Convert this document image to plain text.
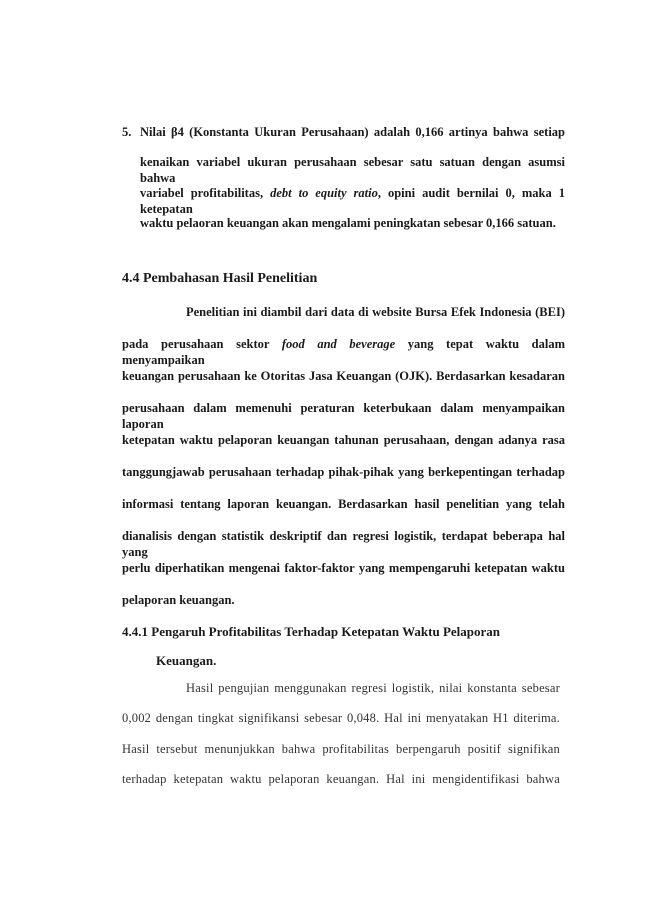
5. Nilai β4 (Konstanta Ukuran Perusahaan) adalah 0,166 artinya bahwa setiap
kenaikan variabel ukuran perusahaan sebesar satu satuan dengan asumsi bahwa
variabel profitabilitas, debt to equity ratio, opini audit bernilai 0, maka 1 ketepatan
waktu pelaoran keuangan akan mengalami peningkatan sebesar 0,166 satuan.
4.4 Pembahasan Hasil Penelitian
Penelitian ini diambil dari data di website Bursa Efek Indonesia (BEI)
pada perusahaan sektor food and beverage yang tepat waktu dalam menyampaikan
keuangan perusahaan ke Otoritas Jasa Keuangan (OJK). Berdasarkan kesadaran
perusahaan dalam memenuhi peraturan keterbukaan dalam menyampaikan laporan
ketepatan waktu pelaporan keuangan tahunan perusahaan, dengan adanya rasa
tanggungjawab perusahaan terhadap pihak-pihak yang berkepentingan terhadap
informasi tentang laporan keuangan. Berdasarkan hasil penelitian yang telah
dianalisis dengan statistik deskriptif dan regresi logistik, terdapat beberapa hal yang
perlu diperhatikan mengenai faktor-faktor yang mempengaruhi ketepatan waktu
pelaporan keuangan.
4.4.1 Pengaruh Profitabilitas Terhadap Ketepatan Waktu Pelaporan
Keuangan.
Hasil pengujian menggunakan regresi logistik, nilai konstanta sebesar
0,002 dengan tingkat signifikansi sebesar 0,048. Hal ini menyatakan H1 diterima.
Hasil tersebut menunjukkan bahwa profitabilitas berpengaruh positif signifikan
terhadap ketepatan waktu pelaporan keuangan. Hal ini mengidentifikasi bahwa
